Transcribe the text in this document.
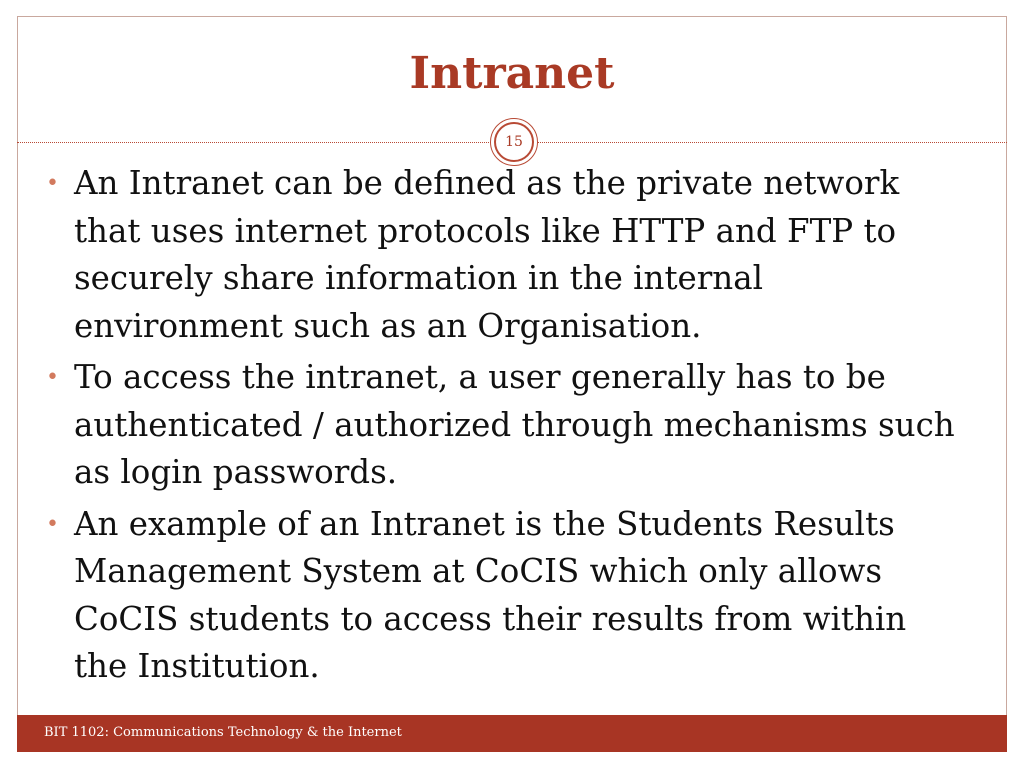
Intranet
15
• An Intranet can be defined as the private network that uses internet protocols like HTTP and FTP to securely share information in the internal environment such as an Organisation.
• To access the intranet, a user generally has to be authenticated / authorized through mechanisms such as login passwords.
• An example of an Intranet is the Students Results Management System at CoCIS which only allows CoCIS students to access their results from within the Institution.
BIT 1102: Communications Technology & the Internet
